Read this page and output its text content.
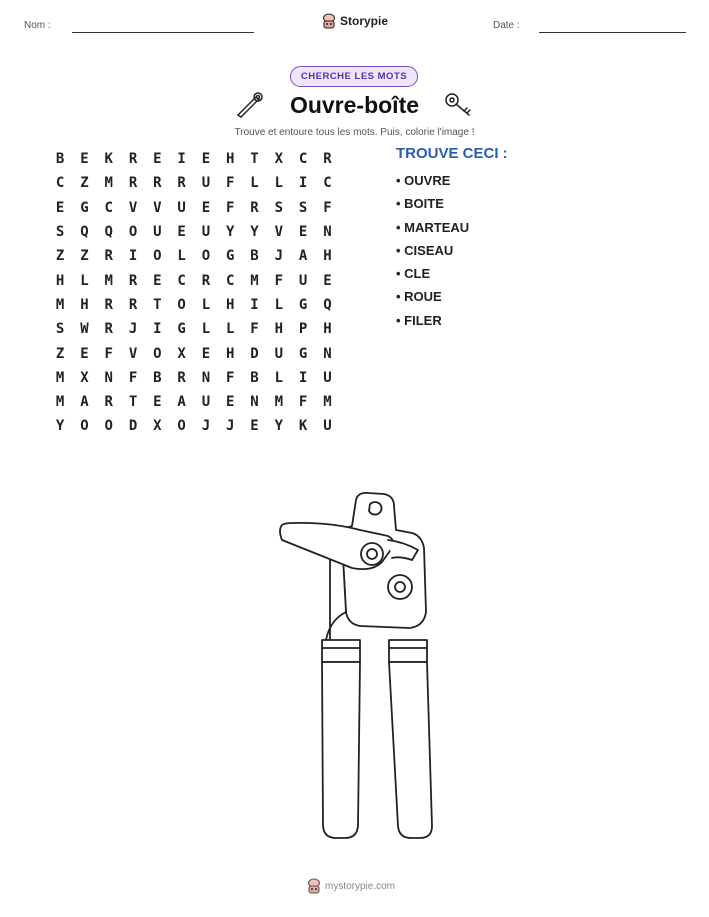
Nom :	Storypie	Date :
CHERCHE LES MOTS
Ouvre-boîte
Trouve et entoure tous les mots. Puis, colorie l'image !
B	E	K	R	E	I	E	H	T	X	C	R
C	Z	M	R	R	R	U	F	L	L	I	C
E	G	C	V	V	U	E	F	R	S	S	F
S	Q	Q	O	U	E	U	Y	Y	V	E	N
Z	Z	R	I	O	L	O	G	B	J	A	H
H	L	M	R	E	C	R	C	M	F	U	E
M	H	R	R	T	O	L	H	I	L	G	Q
S	W	R	J	I	G	L	L	F	H	P	H
Z	E	F	V	O	X	E	H	D	U	G	N
M	X	N	F	B	R	N	F	B	L	I	U
M	A	R	T	E	A	U	E	N	M	F	M
Y	O	O	D	X	O	J	J	E	Y	K	U
TROUVE CECI :
• OUVRE
• BOITE
• MARTEAU
• CISEAU
• CLE
• ROUE
• FILER
mystorypie.com
